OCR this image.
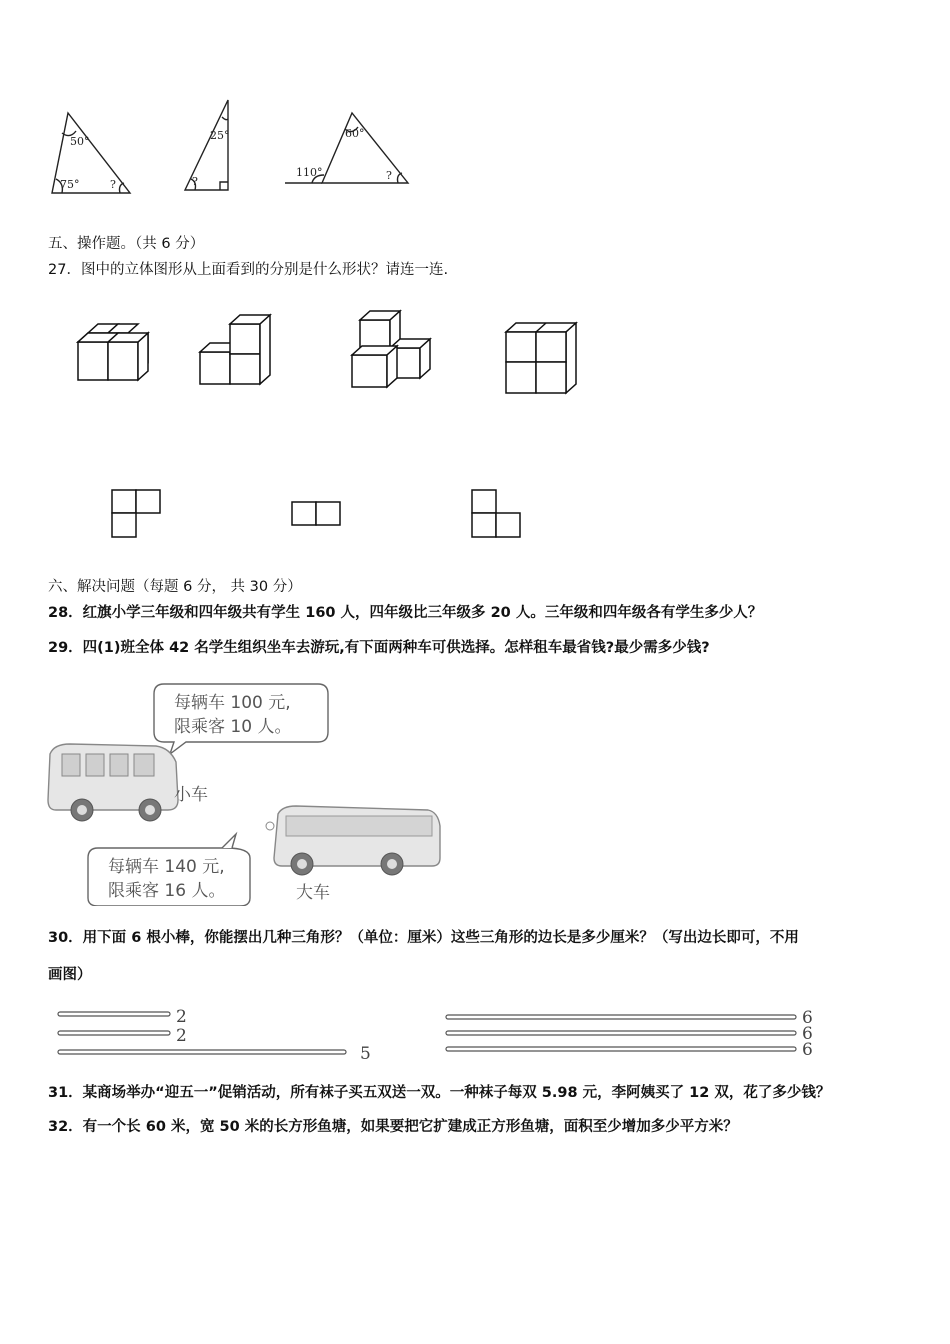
50°
75°	?
25°
?
60°
110°	?
五、操作题。（共 6 分）
27．图中的立体图形从上面看到的分别是什么形状？请连一连.
六、解决问题（每题 6 分， 共 30 分）
28．红旗小学三年级和四年级共有学生 160 人，四年级比三年级多 20 人。三年级和四年级各有学生多少人？
29．四(1)班全体 42 名学生组织坐车去游玩,有下面两种车可供选择。怎样租车最省钱?最少需多少钱?
每辆车 100 元,
限乘客 10 人。
小车
每辆车 140 元,
限乘客 16 人。	大车
30．用下面 6 根小棒，你能摆出几种三角形？（单位：厘米）这些三角形的边长是多少厘米？（写出边长即可，不用
画图）
2
2
5
6
6
6
31．某商场举办“迎五一”促销活动，所有袜子买五双送一双。一种袜子每双 5.98 元，李阿姨买了 12 双，花了多少钱？
32．有一个长 60 米，宽 50 米的长方形鱼塘，如果要把它扩建成正方形鱼塘，面积至少增加多少平方米？
